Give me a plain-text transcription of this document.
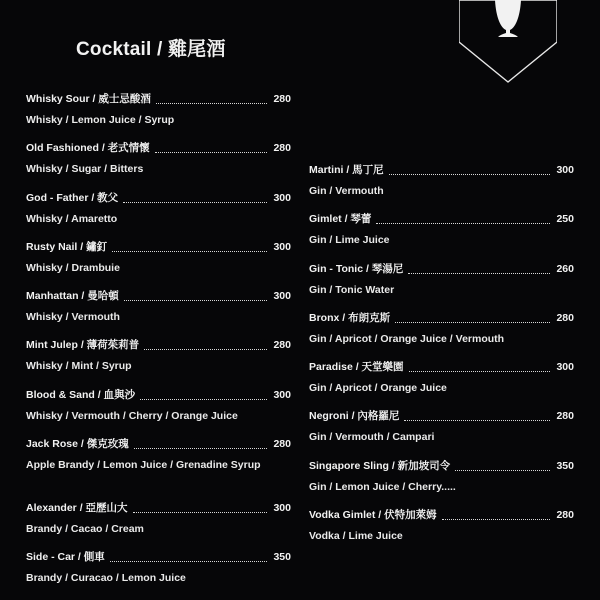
Cocktail / 雞尾酒
Whisky Sour / 威士忌酸酒	280
Whisky / Lemon Juice / Syrup
Old Fashioned / 老式情懷	280
Whisky / Sugar / Bitters
God - Father / 教父	300
Whisky / Amaretto
Rusty Nail / 鏽釘	300
Whisky / Drambuie
Manhattan / 曼哈頓	300
Whisky / Vermouth
Mint Julep / 薄荷茱莉普	280
Whisky / Mint / Syrup
Blood & Sand / 血與沙	300
Whisky / Vermouth / Cherry / Orange Juice
Jack Rose / 傑克玫瑰	280
Apple Brandy / Lemon Juice / Grenadine Syrup
Alexander / 亞歷山大	300
Brandy / Cacao / Cream
Side - Car / 側車	350
Brandy / Curacao / Lemon Juice
Martini / 馬丁尼	300
Gin / Vermouth
Gimlet / 琴蕾	250
Gin / Lime Juice
Gin - Tonic / 琴湯尼	260
Gin / Tonic Water
Bronx / 布朗克斯	280
Gin / Apricot / Orange Juice / Vermouth
Paradise / 天堂樂園	300
Gin / Apricot / Orange Juice
Negroni / 內格羅尼	280
Gin / Vermouth / Campari
Singapore Sling / 新加坡司令	350
Gin / Lemon Juice / Cherry.....
Vodka Gimlet / 伏特加萊姆	280
Vodka / Lime Juice
